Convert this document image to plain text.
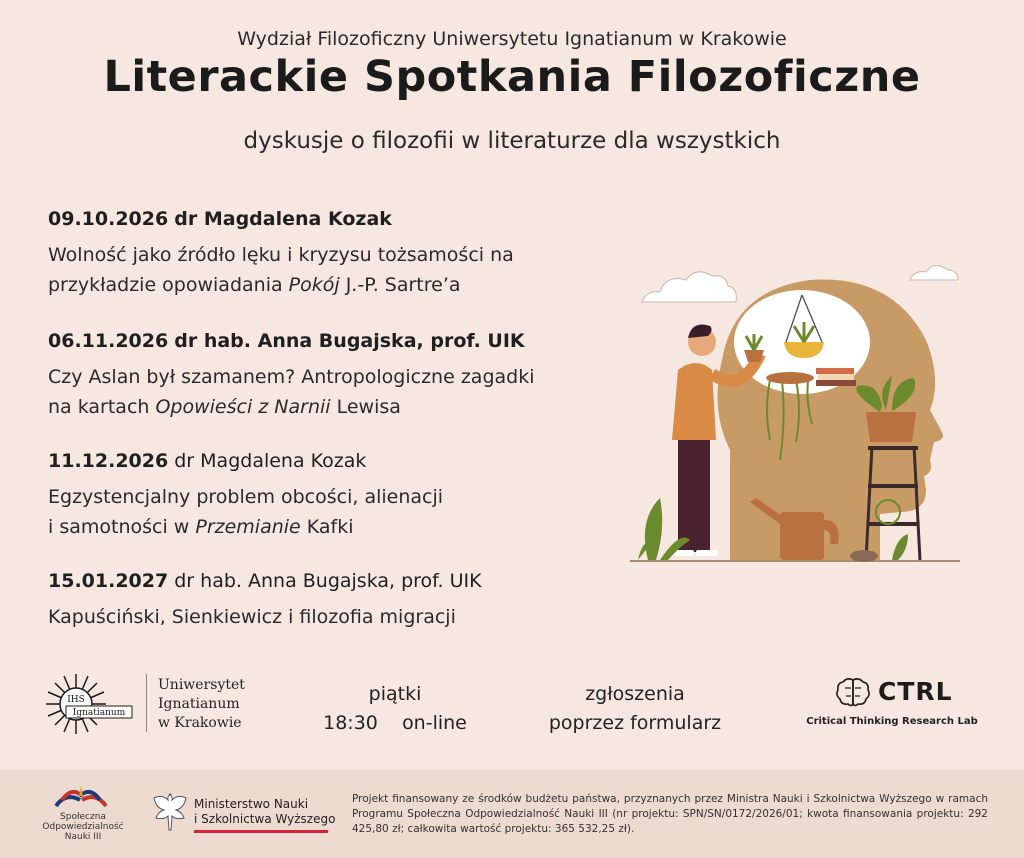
Wydział Filozoficzny Uniwersytetu Ignatianum w Krakowie
Literackie Spotkania Filozoficzne
dyskusje o filozofii w literaturze dla wszystkich
09.10.2026 dr Magdalena Kozak
Wolność jako źródło lęku i kryzysu tożsamości na
przykładzie opowiadania Pokój J.-P. Sartre’a
06.11.2026 dr hab. Anna Bugajska, prof. UIK
Czy Aslan był szamanem? Antropologiczne zagadki
na kartach Opowieści z Narnii Lewisa
11.12.2026 dr Magdalena Kozak
Egzystencjalny problem obcości, alienacji
i samotności w Przemianie Kafki
15.01.2027 dr hab. Anna Bugajska, prof. UIK
Kapuściński, Sienkiewicz i filozofia migracji
IHS
Ignatianum
Uniwersytet
Ignatianum
w Krakowie
piątki
18:30 on-line
zgłoszenia
poprzez formularz
CTRL
Critical Thinking Research Lab
Społeczna
Odpowiedzialność
Nauki III
Ministerstwo Nauki
i Szkolnictwa Wyższego
Projekt finansowany ze środków budżetu państwa, przyznanych przez Ministra Nauki i Szkolnictwa Wyższego w ramach Programu Społeczna Odpowiedzialność Nauki III (nr projektu: SPN/SN/0172/2026/01; kwota finansowania projektu: 292 425,80 zł; całkowita wartość projektu: 365 532,25 zł).
